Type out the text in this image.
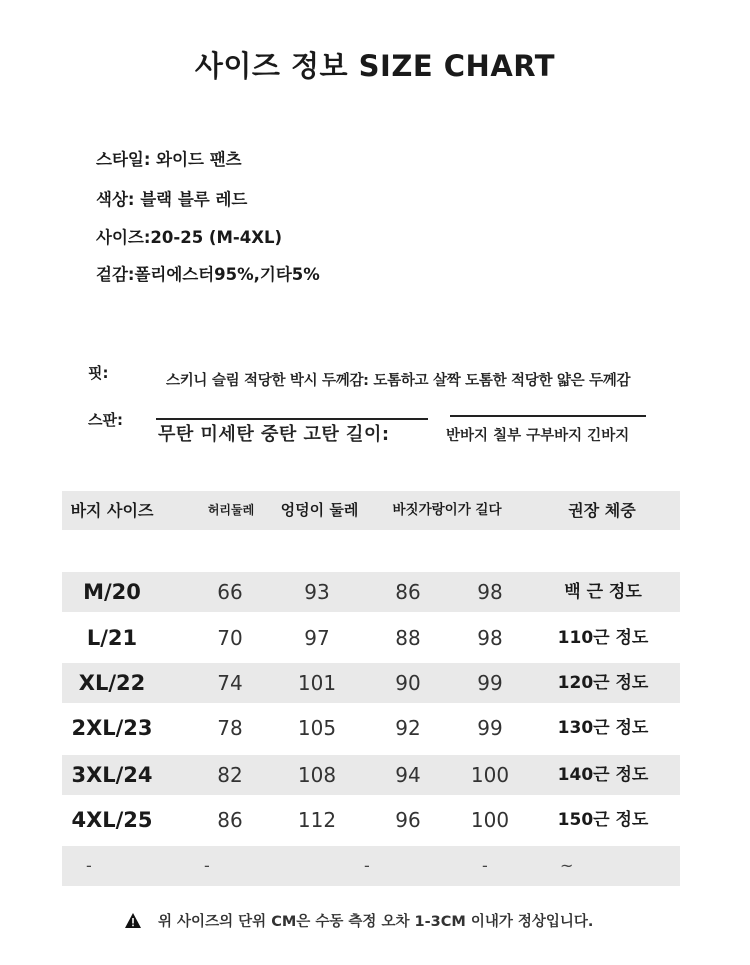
사이즈 정보 SIZE CHART
스타일: 와이드 팬츠
색상: 블랙 블루 레드
사이즈:20-25 (M-4XL)
겉감:폴리에스터95%,기타5%
핏:	스키니 슬림 적당한 박시 두께감: 도톰하고 살짝 도톰한 적당한 얇은 두께감
스판:
무탄 미세탄 중탄 고탄 길이:	반바지 칠부 구부바지 긴바지
바지 사이즈	허리둘레	엉덩이 둘레	바짓가랑이가 길다	권장 체중
M/20	66	93	86	98	백 근 정도
L/21	70	97	88	98	110근 정도
XL/22	74	101	90	99	120근 정도
2XL/23	78	105	92	99	130근 정도
3XL/24	82	108	94	100	140근 정도
4XL/25	86	112	96	100	150근 정도
-	-	-	-	~
위 사이즈의 단위 CM은 수동 측정 오차 1-3CM 이내가 정상입니다.
